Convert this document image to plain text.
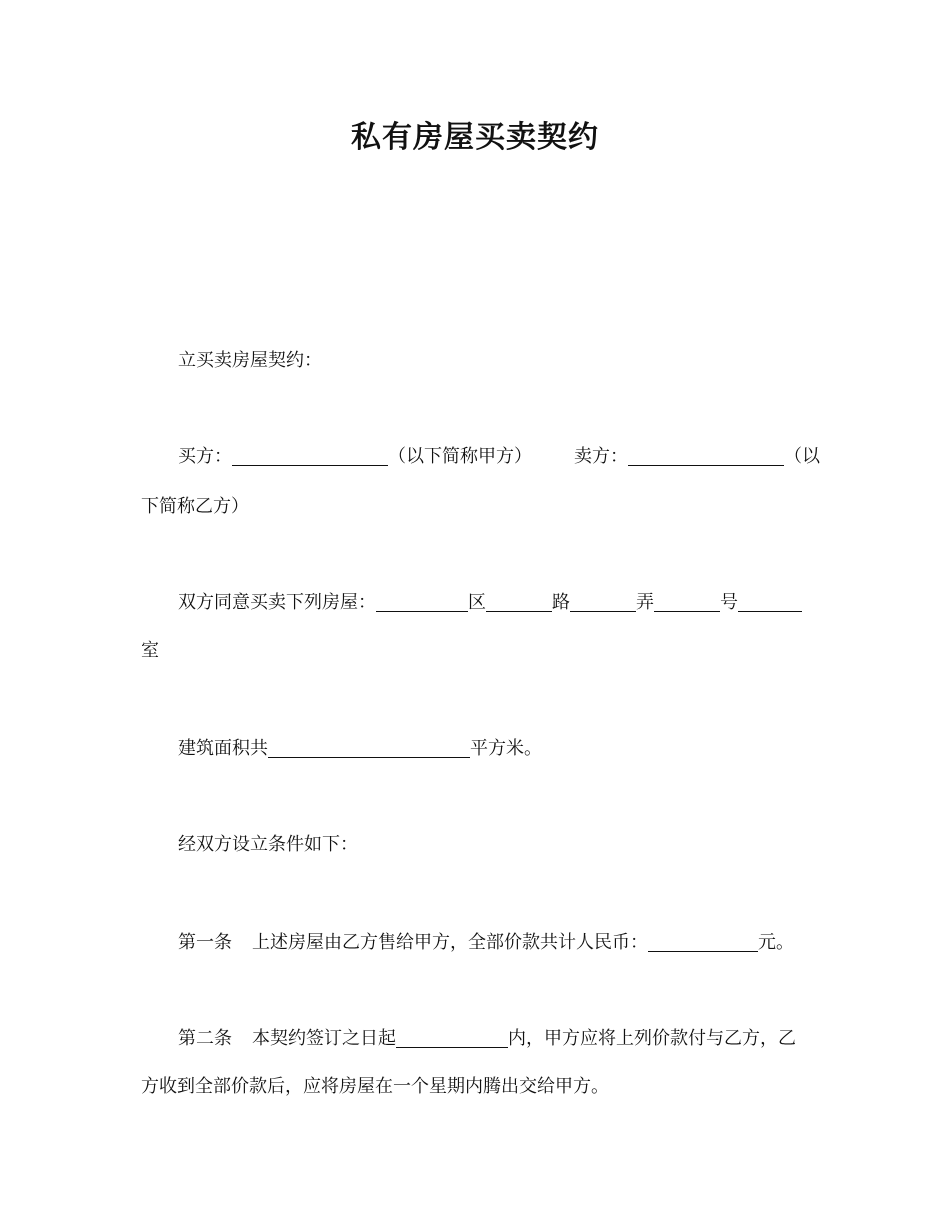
私有房屋买卖契约
立买卖房屋契约：
买方：	（以下简称甲方） 卖方：	（以
下简称乙方）
双方同意买卖下列房屋：	区	路	弄	号
室
建筑面积共	平方米。
经双方设立条件如下：
第一条 上述房屋由乙方售给甲方，全部价款共计人民币：	元。
第二条 本契约签订之日起	内，甲方应将上列价款付与乙方，乙
方收到全部价款后，应将房屋在一个星期内腾出交给甲方。
